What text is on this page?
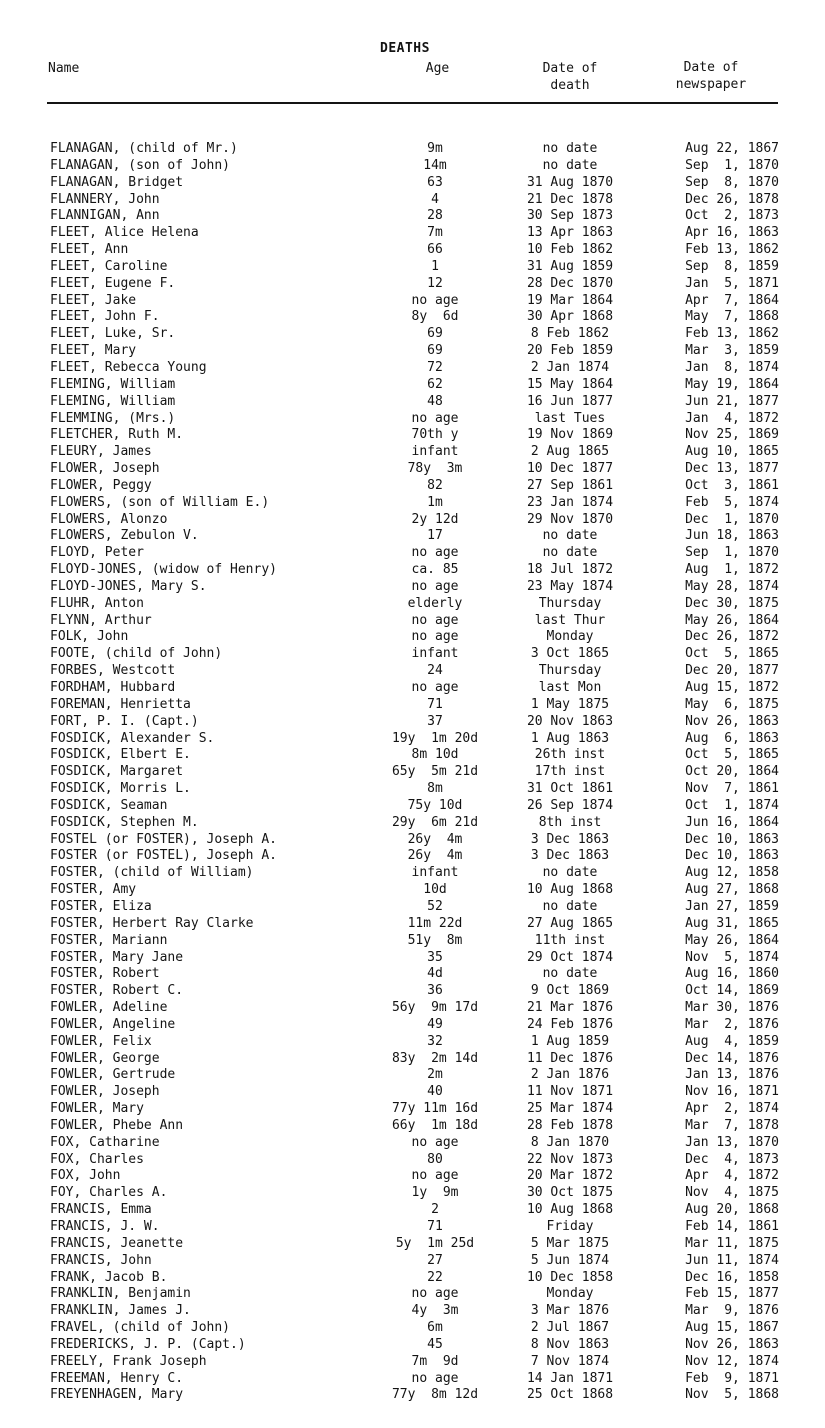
DEATHS
Name	Age	Date of
death
Date of
newspaper
FLANAGAN, (child of Mr.)	9m	no date	Aug 22, 1867
FLANAGAN, (son of John)	14m	no date	Sep  1, 1870
FLANAGAN, Bridget	63	31 Aug 1870	Sep  8, 1870
FLANNERY, John	4	21 Dec 1878	Dec 26, 1878
FLANNIGAN, Ann	28	30 Sep 1873	Oct  2, 1873
FLEET, Alice Helena	7m	13 Apr 1863	Apr 16, 1863
FLEET, Ann	66	10 Feb 1862	Feb 13, 1862
FLEET, Caroline	1	31 Aug 1859	Sep  8, 1859
FLEET, Eugene F.	12	28 Dec 1870	Jan  5, 1871
FLEET, Jake	no age	19 Mar 1864	Apr  7, 1864
FLEET, John F.	8y  6d	30 Apr 1868	May  7, 1868
FLEET, Luke, Sr.	69	8 Feb 1862	Feb 13, 1862
FLEET, Mary	69	20 Feb 1859	Mar  3, 1859
FLEET, Rebecca Young	72	2 Jan 1874	Jan  8, 1874
FLEMING, William	62	15 May 1864	May 19, 1864
FLEMING, William	48	16 Jun 1877	Jun 21, 1877
FLEMMING, (Mrs.)	no age	last Tues	Jan  4, 1872
FLETCHER, Ruth M.	70th y	19 Nov 1869	Nov 25, 1869
FLEURY, James	infant	2 Aug 1865	Aug 10, 1865
FLOWER, Joseph	78y  3m	10 Dec 1877	Dec 13, 1877
FLOWER, Peggy	82	27 Sep 1861	Oct  3, 1861
FLOWERS, (son of William E.)	1m	23 Jan 1874	Feb  5, 1874
FLOWERS, Alonzo	2y 12d	29 Nov 1870	Dec  1, 1870
FLOWERS, Zebulon V.	17	no date	Jun 18, 1863
FLOYD, Peter	no age	no date	Sep  1, 1870
FLOYD-JONES, (widow of Henry)	ca. 85	18 Jul 1872	Aug  1, 1872
FLOYD-JONES, Mary S.	no age	23 May 1874	May 28, 1874
FLUHR, Anton	elderly	Thursday	Dec 30, 1875
FLYNN, Arthur	no age	last Thur	May 26, 1864
FOLK, John	no age	Monday	Dec 26, 1872
FOOTE, (child of John)	infant	3 Oct 1865	Oct  5, 1865
FORBES, Westcott	24	Thursday	Dec 20, 1877
FORDHAM, Hubbard	no age	last Mon	Aug 15, 1872
FOREMAN, Henrietta	71	1 May 1875	May  6, 1875
FORT, P. I. (Capt.)	37	20 Nov 1863	Nov 26, 1863
FOSDICK, Alexander S.	19y  1m 20d	1 Aug 1863	Aug  6, 1863
FOSDICK, Elbert E.	8m 10d	26th inst	Oct  5, 1865
FOSDICK, Margaret	65y  5m 21d	17th inst	Oct 20, 1864
FOSDICK, Morris L.	8m	31 Oct 1861	Nov  7, 1861
FOSDICK, Seaman	75y 10d	26 Sep 1874	Oct  1, 1874
FOSDICK, Stephen M.	29y  6m 21d	8th inst	Jun 16, 1864
FOSTEL (or FOSTER), Joseph A.	26y  4m	3 Dec 1863	Dec 10, 1863
FOSTER (or FOSTEL), Joseph A.	26y  4m	3 Dec 1863	Dec 10, 1863
FOSTER, (child of William)	infant	no date	Aug 12, 1858
FOSTER, Amy	10d	10 Aug 1868	Aug 27, 1868
FOSTER, Eliza	52	no date	Jan 27, 1859
FOSTER, Herbert Ray Clarke	11m 22d	27 Aug 1865	Aug 31, 1865
FOSTER, Mariann	51y  8m	11th inst	May 26, 1864
FOSTER, Mary Jane	35	29 Oct 1874	Nov  5, 1874
FOSTER, Robert	4d	no date	Aug 16, 1860
FOSTER, Robert C.	36	9 Oct 1869	Oct 14, 1869
FOWLER, Adeline	56y  9m 17d	21 Mar 1876	Mar 30, 1876
FOWLER, Angeline	49	24 Feb 1876	Mar  2, 1876
FOWLER, Felix	32	1 Aug 1859	Aug  4, 1859
FOWLER, George	83y  2m 14d	11 Dec 1876	Dec 14, 1876
FOWLER, Gertrude	2m	2 Jan 1876	Jan 13, 1876
FOWLER, Joseph	40	11 Nov 1871	Nov 16, 1871
FOWLER, Mary	77y 11m 16d	25 Mar 1874	Apr  2, 1874
FOWLER, Phebe Ann	66y  1m 18d	28 Feb 1878	Mar  7, 1878
FOX, Catharine	no age	8 Jan 1870	Jan 13, 1870
FOX, Charles	80	22 Nov 1873	Dec  4, 1873
FOX, John	no age	20 Mar 1872	Apr  4, 1872
FOY, Charles A.	1y  9m	30 Oct 1875	Nov  4, 1875
FRANCIS, Emma	2	10 Aug 1868	Aug 20, 1868
FRANCIS, J. W.	71	Friday	Feb 14, 1861
FRANCIS, Jeanette	5y  1m 25d	5 Mar 1875	Mar 11, 1875
FRANCIS, John	27	5 Jun 1874	Jun 11, 1874
FRANK, Jacob B.	22	10 Dec 1858	Dec 16, 1858
FRANKLIN, Benjamin	no age	Monday	Feb 15, 1877
FRANKLIN, James J.	4y  3m	3 Mar 1876	Mar  9, 1876
FRAVEL, (child of John)	6m	2 Jul 1867	Aug 15, 1867
FREDERICKS, J. P. (Capt.)	45	8 Nov 1863	Nov 26, 1863
FREELY, Frank Joseph	7m  9d	7 Nov 1874	Nov 12, 1874
FREEMAN, Henry C.	no age	14 Jan 1871	Feb  9, 1871
FREYENHAGEN, Mary	77y  8m 12d	25 Oct 1868	Nov  5, 1868
